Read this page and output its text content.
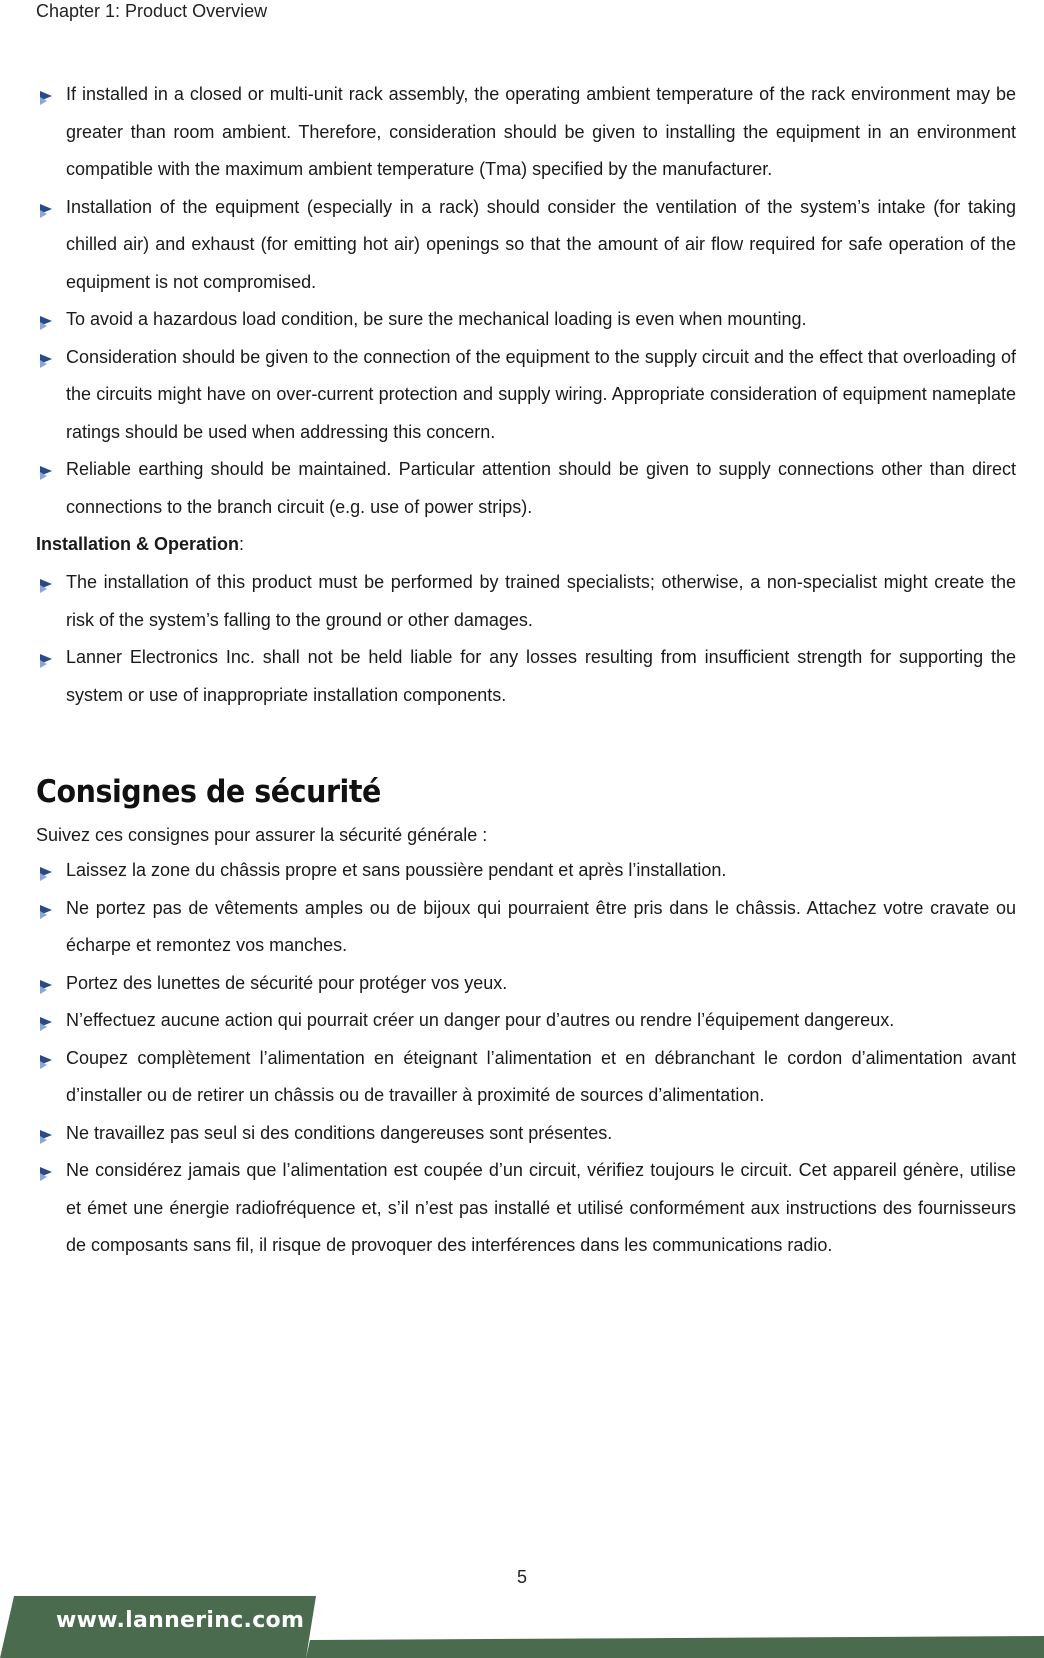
Chapter 1: Product Overview
If installed in a closed or multi-unit rack assembly, the operating ambient temperature of the rack environment may be greater than room ambient. Therefore, consideration should be given to installing the equipment in an environment compatible with the maximum ambient temperature (Tma) specified by the manufacturer.
Installation of the equipment (especially in a rack) should consider the ventilation of the system’s intake (for taking chilled air) and exhaust (for emitting hot air) openings so that the amount of air flow required for safe operation of the equipment is not compromised.
To avoid a hazardous load condition, be sure the mechanical loading is even when mounting.
Consideration should be given to the connection of the equipment to the supply circuit and the effect that overloading of the circuits might have on over-current protection and supply wiring. Appropriate consideration of equipment nameplate ratings should be used when addressing this concern.
Reliable earthing should be maintained. Particular attention should be given to supply connections other than direct connections to the branch circuit (e.g. use of power strips).
Installation & Operation:
The installation of this product must be performed by trained specialists; otherwise, a non-specialist might create the risk of the system’s falling to the ground or other damages.
Lanner Electronics Inc. shall not be held liable for any losses resulting from insufficient strength for supporting the system or use of inappropriate installation components.
Consignes de sécurité
Suivez ces consignes pour assurer la sécurité générale :
Laissez la zone du châssis propre et sans poussière pendant et après l’installation.
Ne portez pas de vêtements amples ou de bijoux qui pourraient être pris dans le châssis. Attachez votre cravate ou écharpe et remontez vos manches.
Portez des lunettes de sécurité pour protéger vos yeux.
N’effectuez aucune action qui pourrait créer un danger pour d’autres ou rendre l’équipement dangereux.
Coupez complètement l’alimentation en éteignant l’alimentation et en débranchant le cordon d’alimentation avant d’installer ou de retirer un châssis ou de travailler à proximité de sources d’alimentation.
Ne travaillez pas seul si des conditions dangereuses sont présentes.
Ne considérez jamais que l’alimentation est coupée d’un circuit, vérifiez toujours le circuit. Cet appareil génère, utilise et émet une énergie radiofréquence et, s’il n’est pas installé et utilisé conformément aux instructions des fournisseurs de composants sans fil, il risque de provoquer des interférences dans les communications radio.
5
www.lannerinc.com
